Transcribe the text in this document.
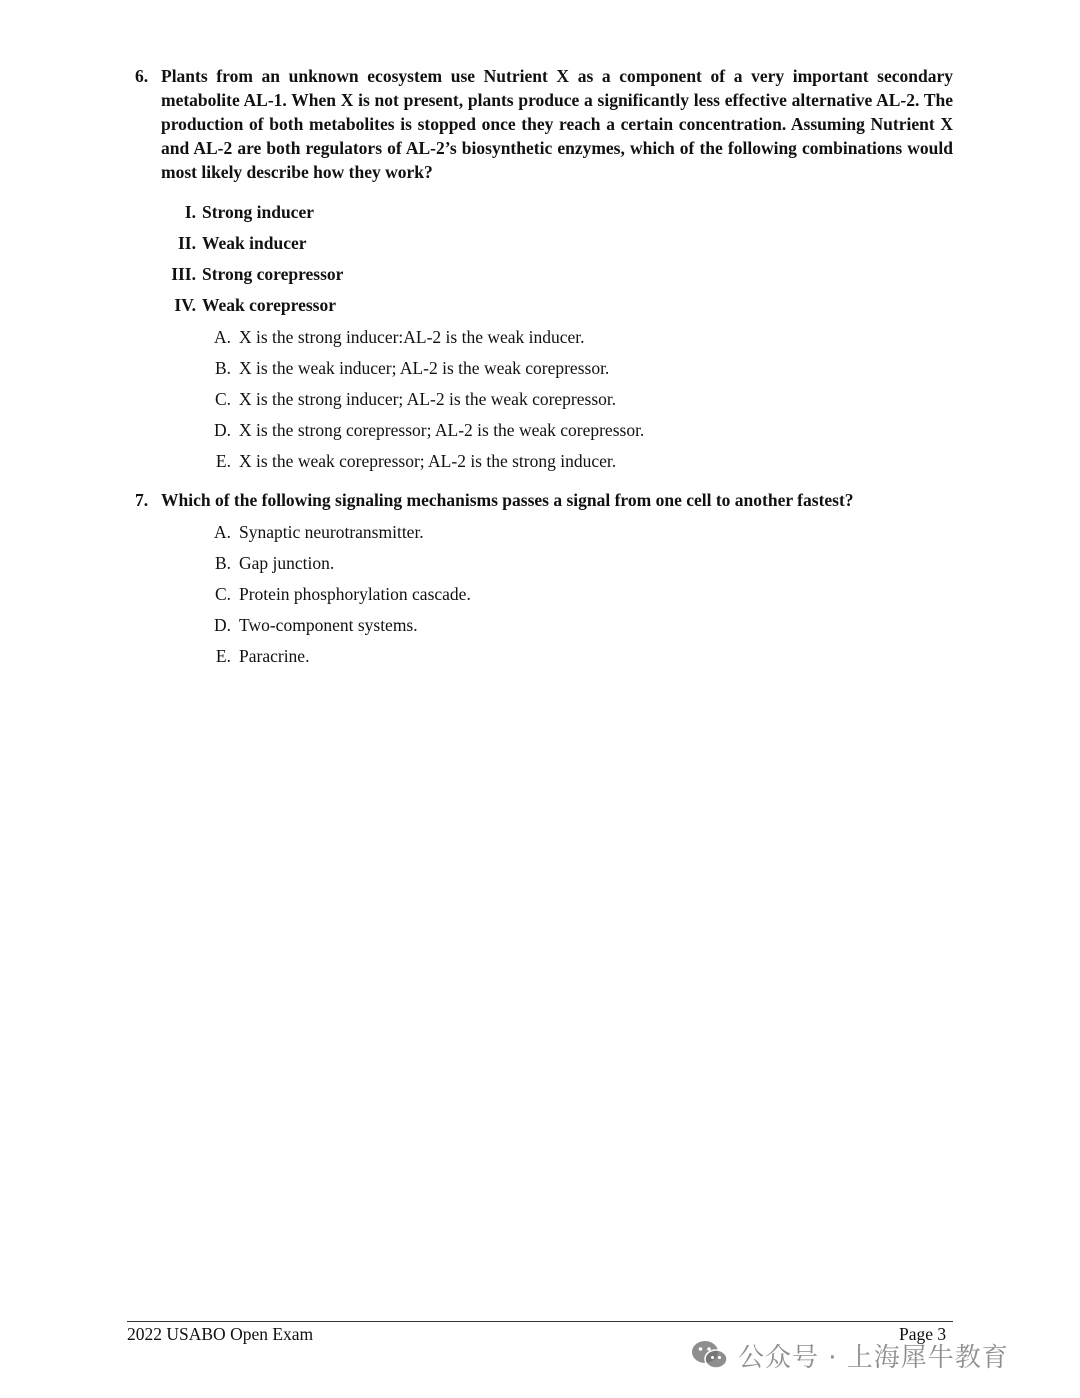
6. Plants from an unknown ecosystem use Nutrient X as a component of a very important secondary metabolite AL-1. When X is not present, plants produce a significantly less effective alternative AL-2. The production of both metabolites is stopped once they reach a certain concentration. Assuming Nutrient X and AL-2 are both regulators of AL-2’s biosynthetic enzymes, which of the following combinations would most likely describe how they work?
I. Strong inducer
II. Weak inducer
III. Strong corepressor
IV. Weak corepressor
A. X is the strong inducer:AL-2 is the weak inducer.
B. X is the weak inducer; AL-2 is the weak corepressor.
C. X is the strong inducer; AL-2 is the weak corepressor.
D. X is the strong corepressor; AL-2 is the weak corepressor.
E. X is the weak corepressor; AL-2 is the strong inducer.
7. Which of the following signaling mechanisms passes a signal from one cell to another fastest?
A. Synaptic neurotransmitter.
B. Gap junction.
C. Protein phosphorylation cascade.
D. Two-component systems.
E. Paracrine.
2022 USABO Open Exam	Page 3
公众号 · 上海犀牛教育
